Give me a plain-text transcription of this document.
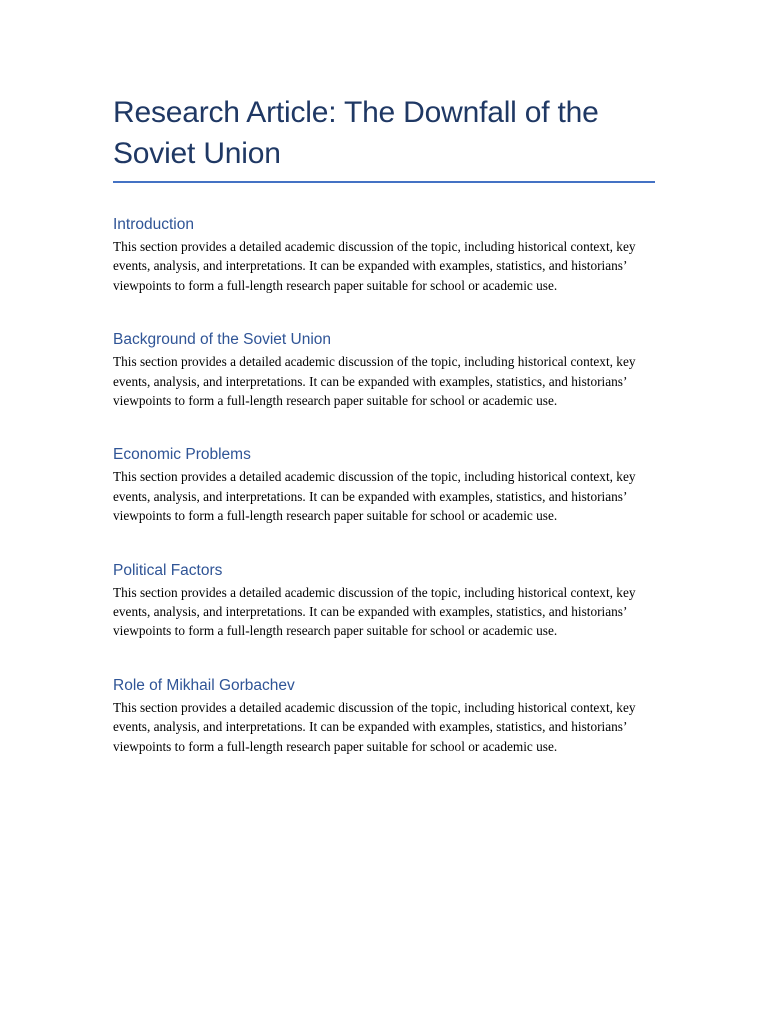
Research Article: The Downfall of the Soviet Union
Introduction

This section provides a detailed academic discussion of the topic, including historical context, key events, analysis, and interpretations. It can be expanded with examples, statistics, and historians’ viewpoints to form a full-length research paper suitable for school or academic use.

Background of the Soviet Union

This section provides a detailed academic discussion of the topic, including historical context, key events, analysis, and interpretations. It can be expanded with examples, statistics, and historians’ viewpoints to form a full-length research paper suitable for school or academic use.

Economic Problems

This section provides a detailed academic discussion of the topic, including historical context, key events, analysis, and interpretations. It can be expanded with examples, statistics, and historians’ viewpoints to form a full-length research paper suitable for school or academic use.

Political Factors

This section provides a detailed academic discussion of the topic, including historical context, key events, analysis, and interpretations. It can be expanded with examples, statistics, and historians’ viewpoints to form a full-length research paper suitable for school or academic use.

Role of Mikhail Gorbachev

This section provides a detailed academic discussion of the topic, including historical context, key events, analysis, and interpretations. It can be expanded with examples, statistics, and historians’ viewpoints to form a full-length research paper suitable for school or academic use.
